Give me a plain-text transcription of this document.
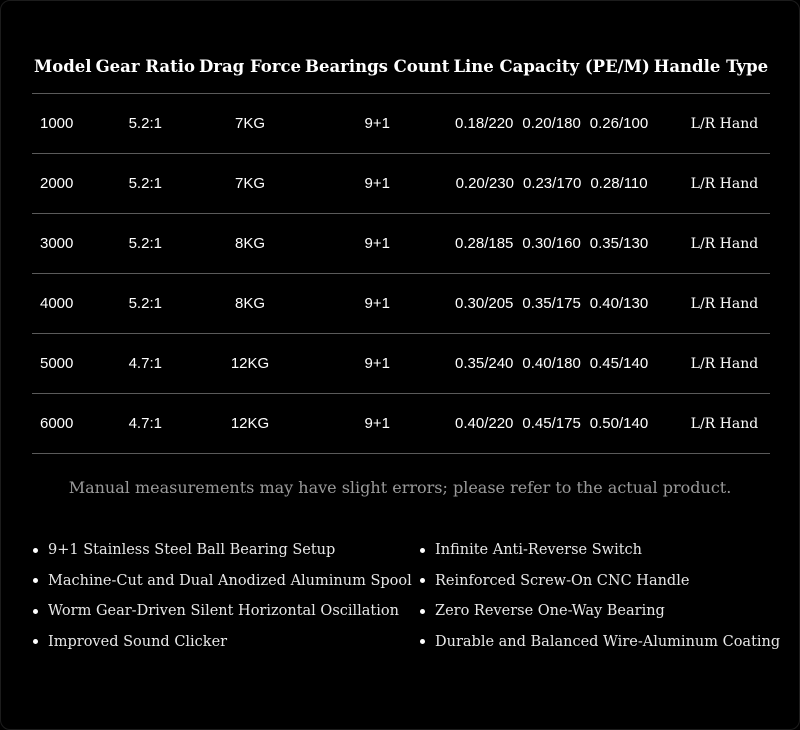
Model	Gear Ratio	Drag Force	Bearings Count	Line Capacity (PE/M)	Handle Type
1000	5.2:1	7KG	9+1	0.18/220 0.20/180 0.26/100	L/R Hand
2000	5.2:1	7KG	9+1	0.20/230 0.23/170 0.28/110	L/R Hand
3000	5.2:1	8KG	9+1	0.28/185 0.30/160 0.35/130	L/R Hand
4000	5.2:1	8KG	9+1	0.30/205 0.35/175 0.40/130	L/R Hand
5000	4.7:1	12KG	9+1	0.35/240 0.40/180 0.45/140	L/R Hand
6000	4.7:1	12KG	9+1	0.40/220 0.45/175 0.50/140	L/R Hand
Manual measurements may have slight errors; please refer to the actual product.
9+1 Stainless Steel Ball Bearing Setup	Infinite Anti-Reverse Switch
Machine-Cut and Dual Anodized Aluminum Spool Reinforced Screw-On CNC Handle
Worm Gear-Driven Silent Horizontal Oscillation Zero Reverse One-Way Bearing
Improved Sound Clicker	Durable and Balanced Wire-Aluminum Coating
